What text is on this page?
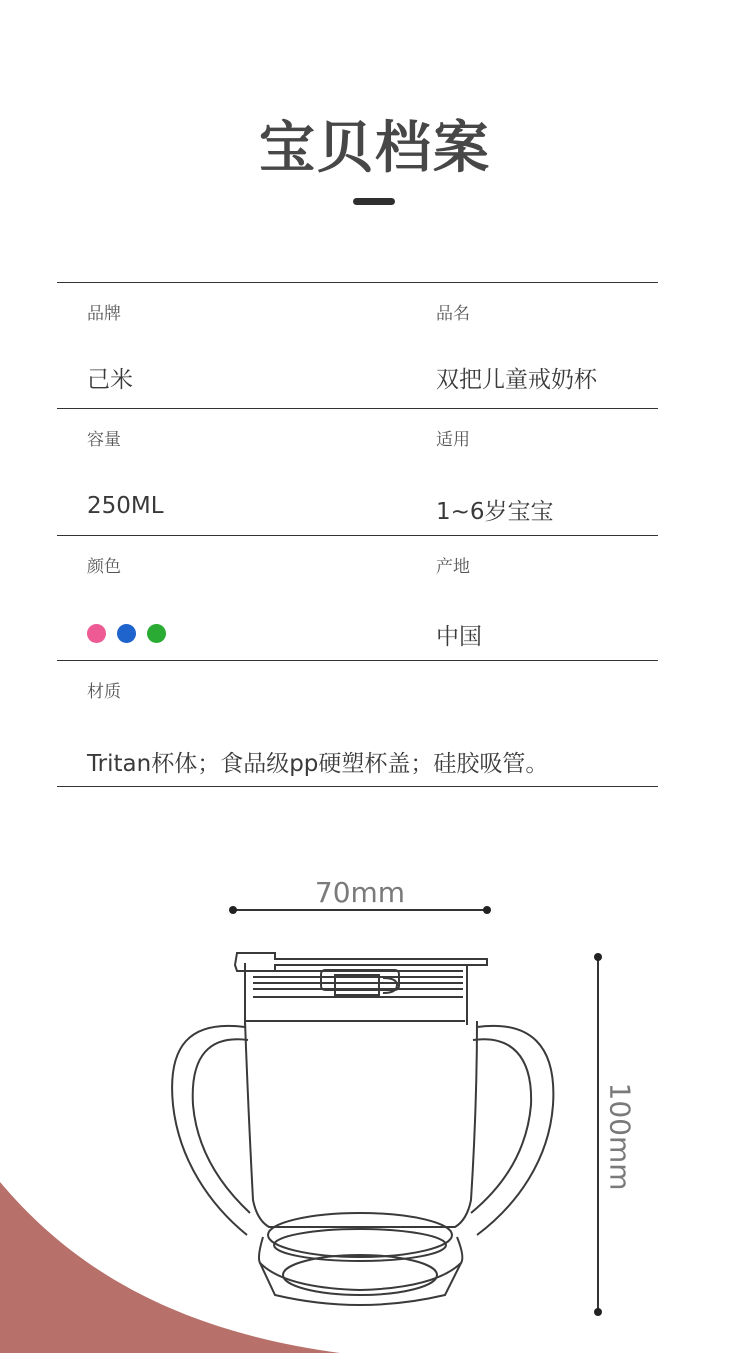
宝贝档案
品牌
己米
品名
双把儿童戒奶杯
容量
250ML
适用
1~6岁宝宝
颜色	产地
中国
材质
Tritan杯体；食品级pp硬塑杯盖；硅胶吸管。
70mm
100mm
